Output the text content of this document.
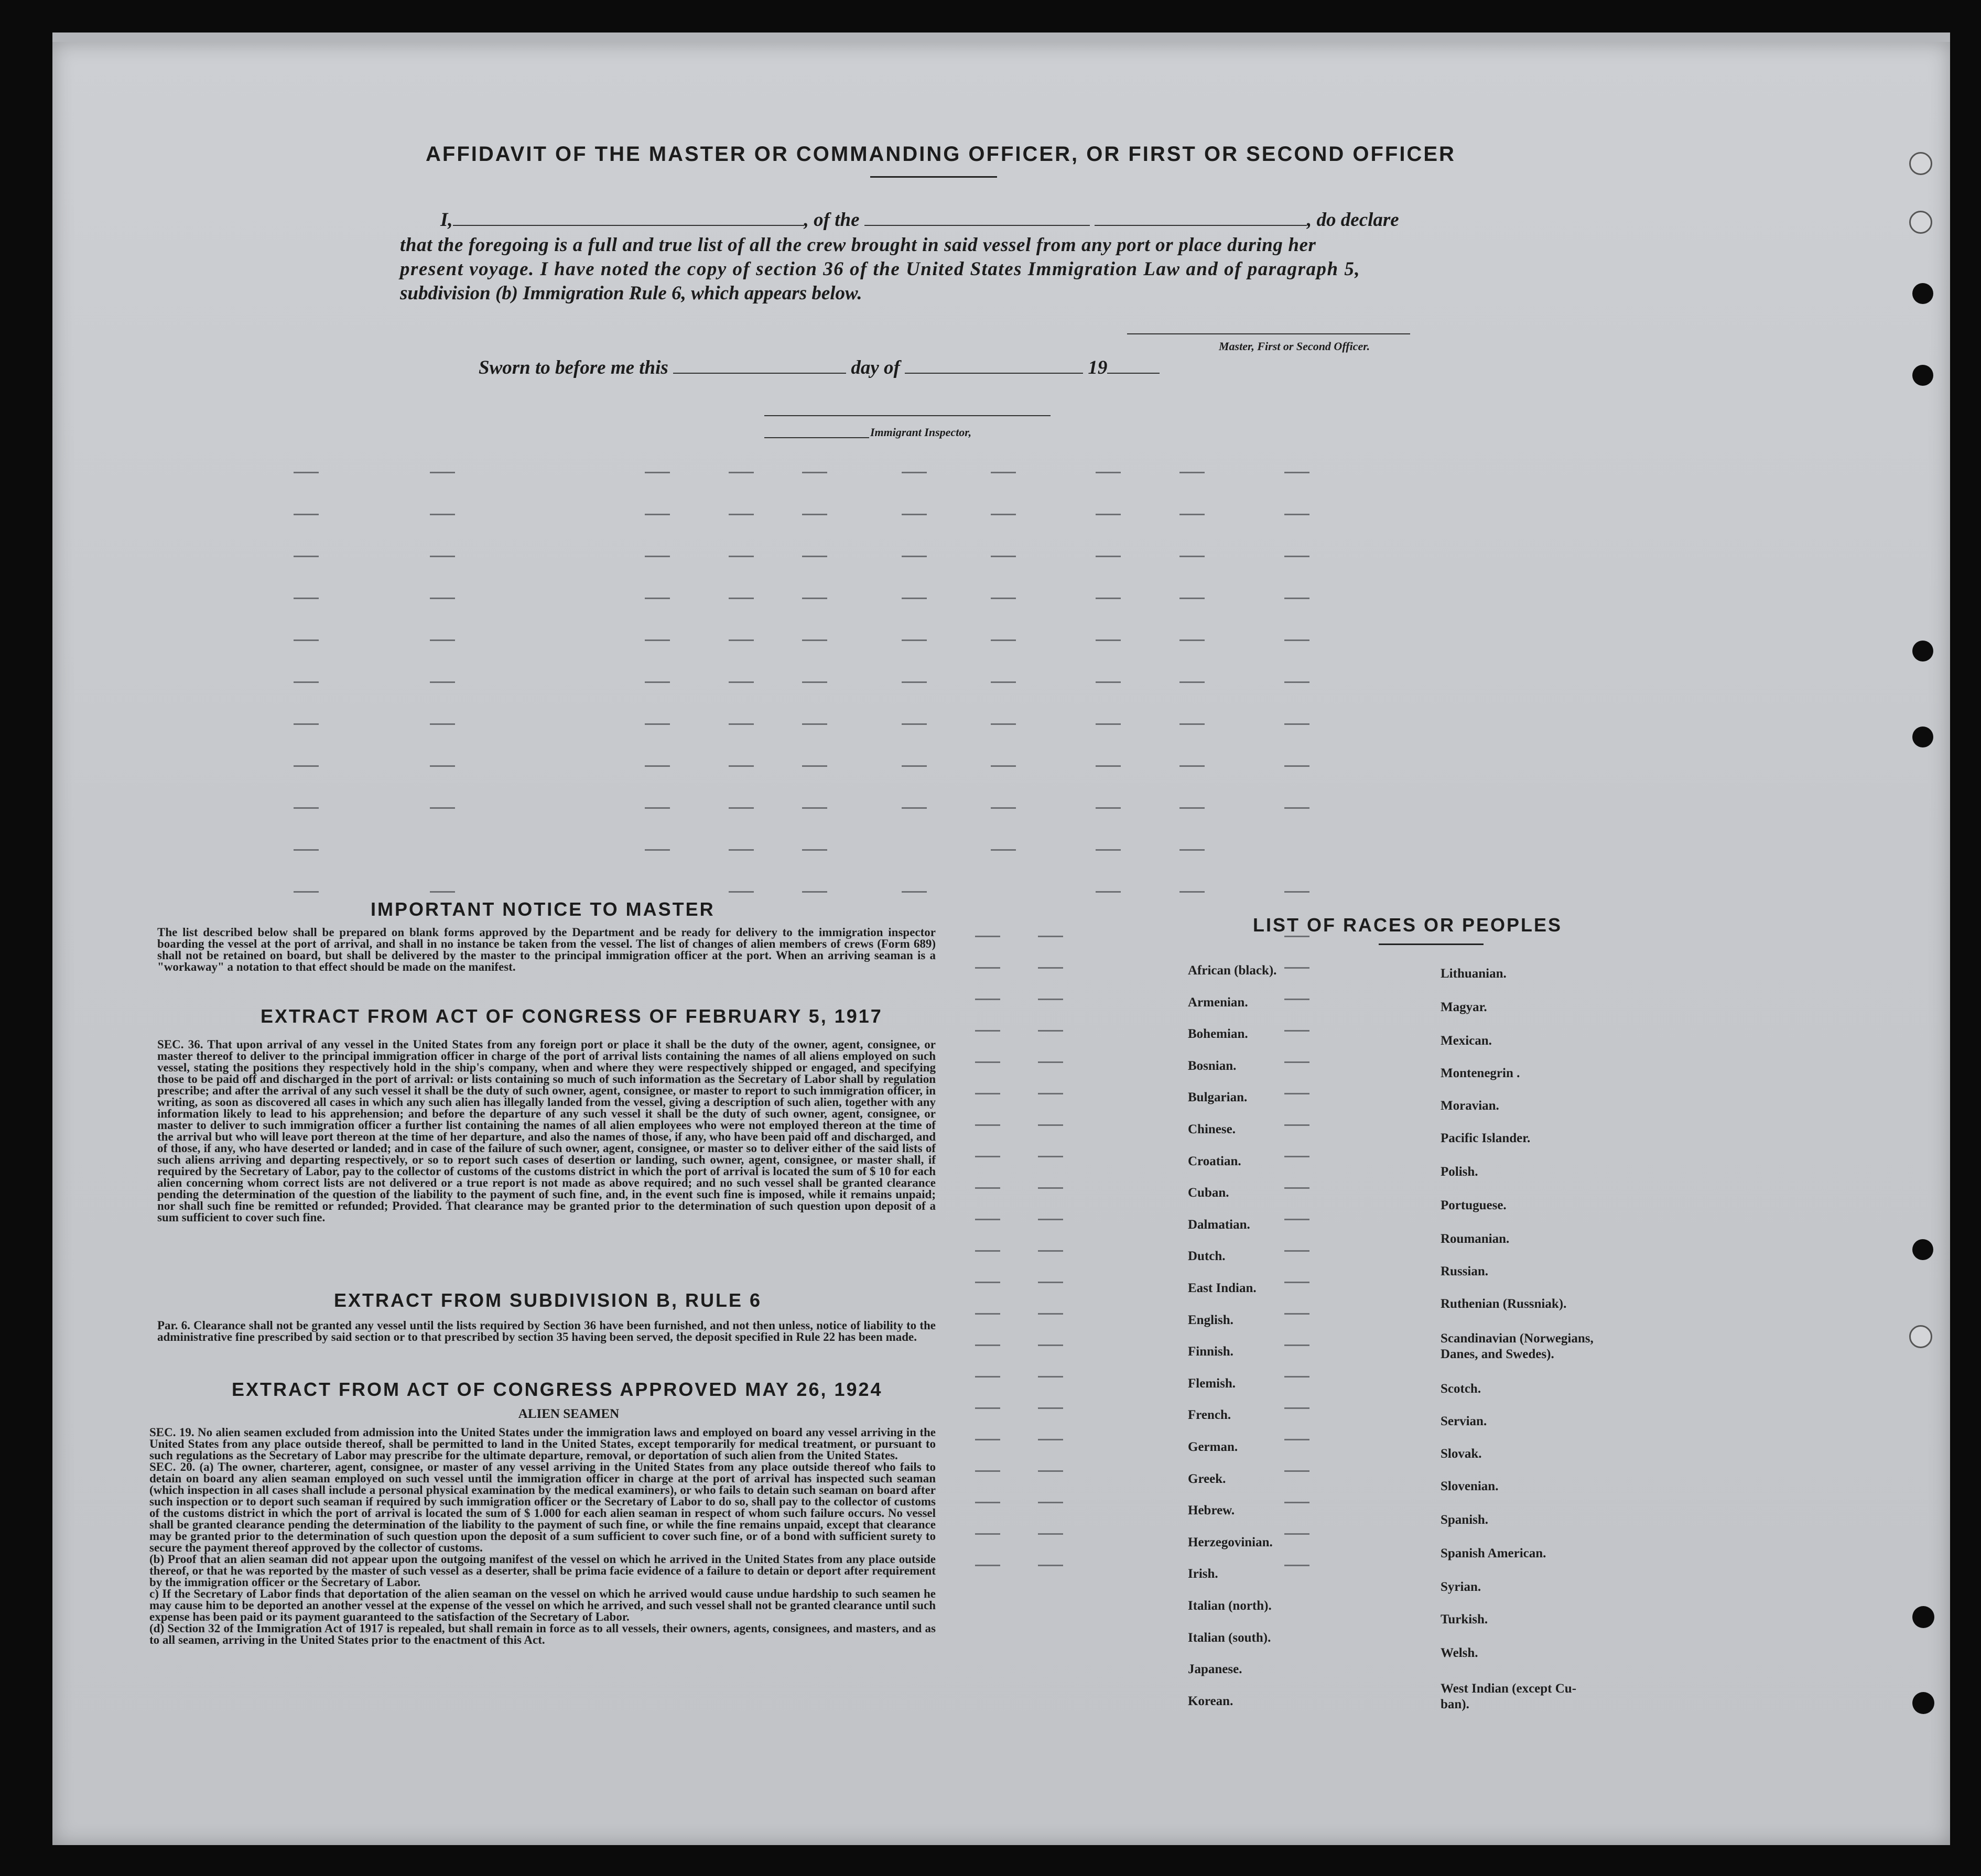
AFFIDAVIT OF THE MASTER OR COMMANDING OFFICER, OR FIRST OR SECOND OFFICER
I,	, of the	, do declare
that the foregoing is a full and true list of all the crew brought in said vessel from any port or place during her
present voyage. I have noted the copy of section 36 of the United States Immigration Law and of paragraph 5,
subdivision (b) Immigration Rule 6, which appears below.
Master, First or Second Officer.
Sworn to before me this	day of	19
Immigrant Inspector,
IMPORTANT NOTICE TO MASTER
The list described below shall be prepared on blank forms approved by the Department and be ready for delivery to the immigration inspector boarding the vessel at the port of arrival, and shall in no instance be taken from the vessel. The list of changes of alien members of crews (Form 689) shall not be retained on board, but shall be delivered by the master to the principal immigration officer at the port. When an arriving seaman is a "workaway" a notation to that effect should be made on the manifest.
EXTRACT FROM ACT OF CONGRESS OF FEBRUARY 5, 1917
SEC. 36. That upon arrival of any vessel in the United States from any foreign port or place it shall be the duty of the owner, agent, consignee, or master thereof to deliver to the principal immigration officer in charge of the port of arrival lists containing the names of all aliens employed on such vessel, stating the positions they respectively hold in the ship's company, when and where they were respectively shipped or engaged, and specifying those to be paid off and discharged in the port of arrival: or lists containing so much of such information as the Secretary of Labor shall by regulation prescribe; and after the arrival of any such vessel it shall be the duty of such owner, agent, consignee, or master to report to such immigration officer, in writing, as soon as discovered all cases in which any such alien has illegally landed from the vessel, giving a description of such alien, together with any information likely to lead to his apprehension; and before the departure of any such vessel it shall be the duty of such owner, agent, consignee, or master to deliver to such immigration officer a further list containing the names of all alien employees who were not employed thereon at the time of the arrival but who will leave port thereon at the time of her departure, and also the names of those, if any, who have been paid off and discharged, and of those, if any, who have deserted or landed; and in case of the failure of such owner, agent, consignee, or master so to deliver either of the said lists of such aliens arriving and departing respectively, or so to report such cases of desertion or landing, such owner, agent, consignee, or master shall, if required by the Secretary of Labor, pay to the collector of customs of the customs district in which the port of arrival is located the sum of $ 10 for each alien concerning whom correct lists are not delivered or a true report is not made as above required; and no such vessel shall be granted clearance pending the determination of the question of the liability to the payment of such fine, and, in the event such fine is imposed, while it remains unpaid; nor shall such fine be remitted or refunded; Provided. That clearance may be granted prior to the determination of such question upon deposit of a sum sufficient to cover such fine.
EXTRACT FROM SUBDIVISION B, RULE 6
Par. 6. Clearance shall not be granted any vessel until the lists required by Section 36 have been furnished, and not then unless, notice of liability to the administrative fine prescribed by said section or to that prescribed by section 35 having been served, the deposit specified in Rule 22 has been made.
EXTRACT FROM ACT OF CONGRESS APPROVED MAY 26, 1924
ALIEN SEAMEN
SEC. 19. No alien seamen excluded from admission into the United States under the immigration laws and employed on board any vessel arriving in the United States from any place outside thereof, shall be permitted to land in the United States, except temporarily for medical treatment, or pursuant to such regulations as the Secretary of Labor may prescribe for the ultimate departure, removal, or deportation of such alien from the United States.
SEC. 20. (a) The owner, charterer, agent, consignee, or master of any vessel arriving in the United States from any place outside thereof who fails to detain on board any alien seaman employed on such vessel until the immigration officer in charge at the port of arrival has inspected such seaman (which inspection in all cases shall include a personal physical examination by the medical examiners), or who fails to detain such seaman on board after such inspection or to deport such seaman if required by such immigration officer or the Secretary of Labor to do so, shall pay to the collector of customs of the customs district in which the port of arrival is located the sum of $ 1.000 for each alien seaman in respect of whom such failure occurs. No vessel shall be granted clearance pending the determination of the liability to the payment of such fine, or while the fine remains unpaid, except that clearance may be granted prior to the determination of such question upon the deposit of a sum sufficient to cover such fine, or of a bond with sufficient surety to secure the payment thereof approved by the collector of customs.
(b) Proof that an alien seaman did not appear upon the outgoing manifest of the vessel on which he arrived in the United States from any place outside thereof, or that he was reported by the master of such vessel as a deserter, shall be prima facie evidence of a failure to detain or deport after requirement by the immigration officer or the Secretary of Labor.
c) If the Secretary of Labor finds that deportation of the alien seaman on the vessel on which he arrived would cause undue hardship to such seamen he may cause him to be deported an another vessel at the expense of the vessel on which he arrived, and such vessel shall not be granted clearance until such expense has been paid or its payment guaranteed to the satisfaction of the Secretary of Labor.
(d) Section 32 of the Immigration Act of 1917 is repealed, but shall remain in force as to all vessels, their owners, agents, consignees, and masters, and as to all seamen, arriving in the United States prior to the enactment of this Act.
LIST OF RACES OR PEOPLES
African (black).
Armenian.
Bohemian.
Bosnian.
Bulgarian.
Chinese.
Croatian.
Cuban.
Dalmatian.
Dutch.
East Indian.
English.
Finnish.
Flemish.
French.
German.
Greek.
Hebrew.
Herzegovinian.
Irish.
Italian (north).
Italian (south).
Japanese.
Korean.
Lithuanian.
Magyar.
Mexican.
Montenegrin .
Moravian.
Pacific Islander.
Polish.
Portuguese.
Roumanian.
Russian.
Ruthenian (Russniak).
Scandinavian (Norwegians,
Danes, and Swedes).
Scotch.
Servian.
Slovak.
Slovenian.
Spanish.
Spanish American.
Syrian.
Turkish.
Welsh.
West Indian (except Cu-
ban).
